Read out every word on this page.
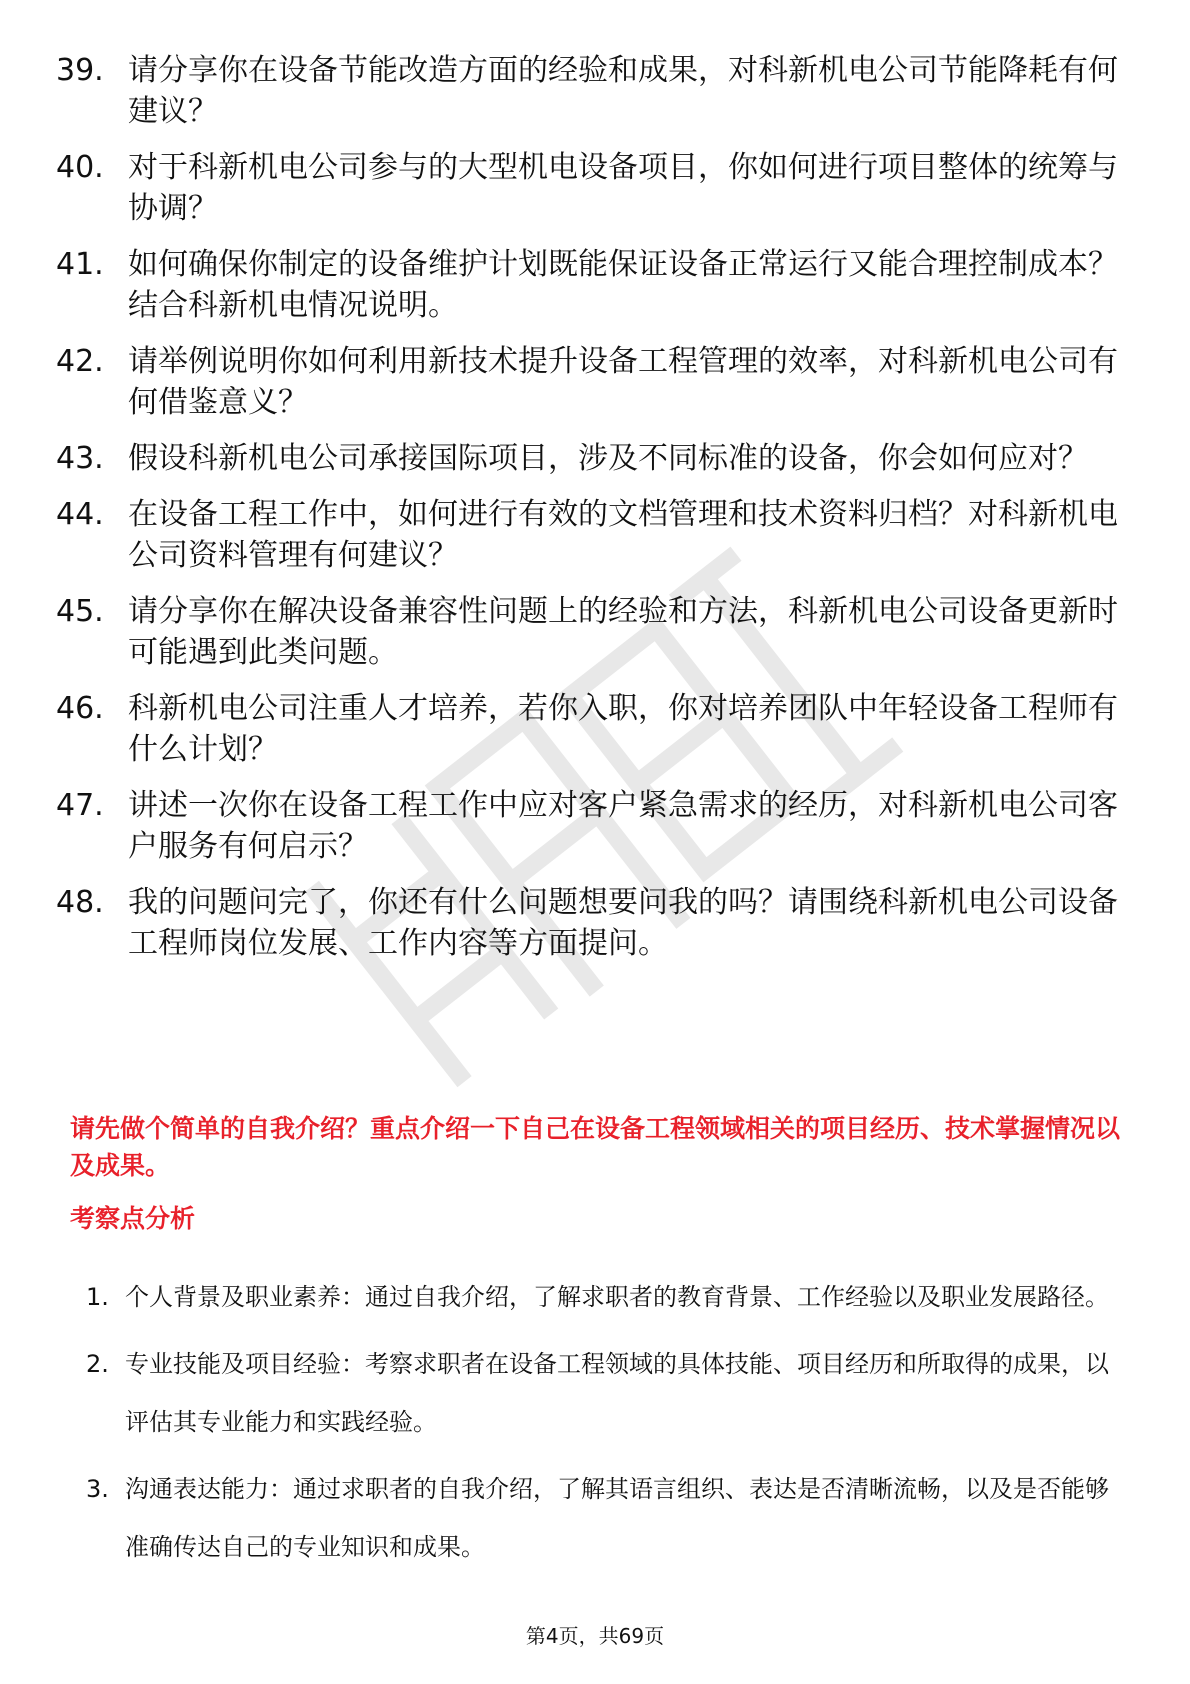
39. 请分享你在设备节能改造方面的经验和成果，对科新机电公司节能降耗有何建议？
40. 对于科新机电公司参与的大型机电设备项目，你如何进行项目整体的统筹与协调？
41. 如何确保你制定的设备维护计划既能保证设备正常运行又能合理控制成本？结合科新机电情况说明。
42. 请举例说明你如何利用新技术提升设备工程管理的效率，对科新机电公司有何借鉴意义？
43. 假设科新机电公司承接国际项目，涉及不同标准的设备，你会如何应对？
44. 在设备工程工作中，如何进行有效的文档管理和技术资料归档？对科新机电公司资料管理有何建议？
45. 请分享你在解决设备兼容性问题上的经验和方法，科新机电公司设备更新时可能遇到此类问题。
46. 科新机电公司注重人才培养，若你入职，你对培养团队中年轻设备工程师有什么计划？
47. 讲述一次你在设备工程工作中应对客户紧急需求的经历，对科新机电公司客户服务有何启示？
48. 我的问题问完了，你还有什么问题想要问我的吗？请围绕科新机电公司设备工程师岗位发展、工作内容等方面提问。
请先做个简单的自我介绍？重点介绍一下自己在设备工程领域相关的项目经历、技术掌握情况以及成果。
考察点分析
1. 个人背景及职业素养：通过自我介绍，了解求职者的教育背景、工作经验以及职业发展路径。
2. 专业技能及项目经验：考察求职者在设备工程领域的具体技能、项目经历和所取得的成果，以评估其专业能力和实践经验。
3. 沟通表达能力：通过求职者的自我介绍，了解其语言组织、表达是否清晰流畅，以及是否能够准确传达自己的专业知识和成果。
第4页，共69页
